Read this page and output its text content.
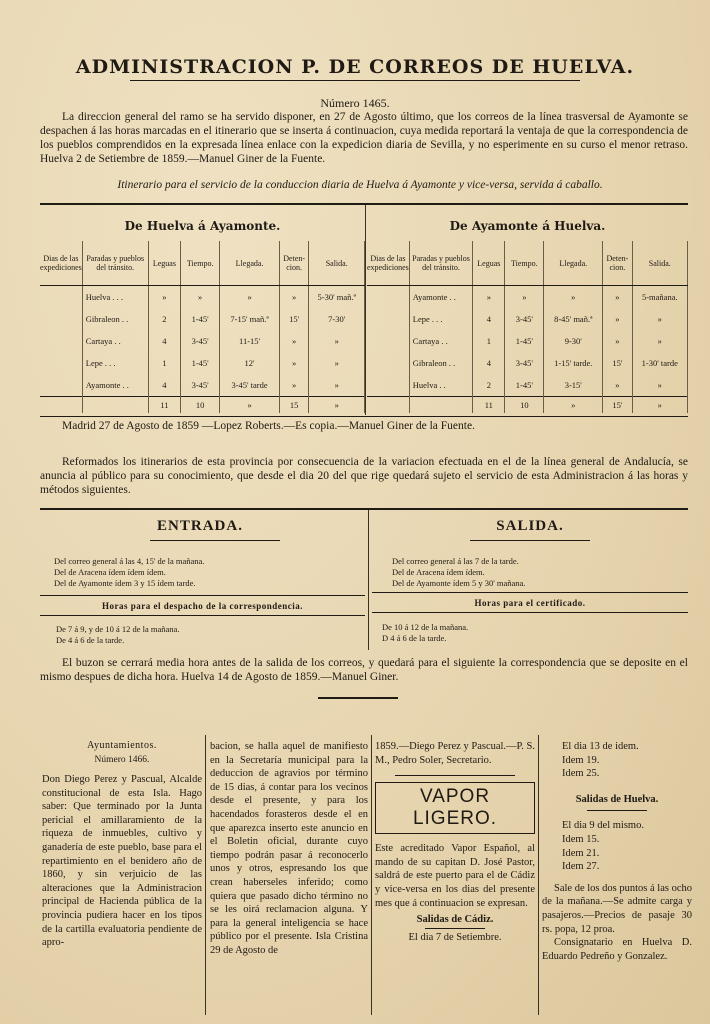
ADMINISTRACION P. DE CORREOS DE HUELVA.
Número 1465.

La direccion general del ramo se ha servido disponer, en 27 de Agosto último, que los correos de la línea trasversal de Ayamonte se despachen á las horas marcadas en el itinerario que se inserta á continuacion, cuya medida reportará la ventaja de que la correspondencia de los pueblos comprendidos en la expresada línea enlace con la expedicion diaria de Sevilla, y no esperimente en su curso el menor retraso. Huelva 2 de Setiembre de 1859.—Manuel Giner de la Fuente.

Itinerario para el servicio de la conduccion diaria de Huelva á Ayamonte y vice-versa, servida á caballo.
De Huelva á Ayamonte.	De Ayamonte á Huelva.
Dias de las expediciones	Paradas y pueblos del tránsito.	Leguas	Tiempo.	Llegada.	Deten-cion.	Salida.
	Huelva . . .	»	»	»	»	5-30' mañ.ª
	Gibraleon . .	2	1-45'	7-15' mañ.ª	15'	7-30'
	Cartaya . .	4	3-45'	11-15'	»	»
	Lepe . . .	1	1-45'	12'	»	»
	Ayamonte . .	4	3-45'	3-45' tarde	»	»
		11	10	»	15	»
Dias de las expediciones	Paradas y pueblos del tránsito.	Leguas	Tiempo.	Llegada.	Deten-cion.	Salida.
	Ayamonte . .	»	»	»	»	5-mañana.
	Lepe . . .	4	3-45'	8-45' mañ.ª	»	»
	Cartaya . .	1	1-45'	9-30'	»	»
	Gibraleon . .	4	3-45'	1-15' tarde.	15'	1-30' tarde
	Huelva . .	2	1-45'	3-15'	»	»
		11	10	»	15'	»
Madrid 27 de Agosto de 1859 —Lopez Roberts.—Es copia.—Manuel Giner de la Fuente.

Reformados los itinerarios de esta provincia por consecuencia de la variacion efectuada en el de la línea general de Andalucía, se anuncia al público para su conocimiento, que desde el dia 20 del que rige quedará sujeto el servicio de esta Administracion á las horas y métodos siguientes.

ENTRADA.
Del correo general á las 4, 15' de la mañana.
Del de Aracena ídem ídem ídem.
Del de Ayamonte ídem 3 y 15 ídem tarde.
Horas para el despacho de la correspondencia.
De 7 á 9, y de 10 á 12 de la mañana.
De 4 á 6 de la tarde.
SALIDA.
Del correo general á las 7 de la tarde.
Del de Aracena ídem ídem.
Del de Ayamonte ídem 5 y 30' mañana.
Horas para el certificado.
De 10 á 12 de la mañana.
D 4 á 6 de la tarde.

El buzon se cerrará media hora antes de la salida de los correos, y quedará para el siguiente la correspondencia que se deposite en el mismo despues de dicha hora. Huelva 14 de Agosto de 1859.—Manuel Giner.

Ayuntamientos.
Número 1466.
Don Diego Perez y Pascual, Alcalde constitucional de esta Isla. Hago saber: Que terminado por la Junta pericial el amillaramiento de la riqueza de inmuebles, cultivo y ganadería de este pueblo, base para el repartimiento en el benidero año de 1860, y sin verjuicio de las alteraciones que la Administracion principal de Hacienda pública de la provincia pudiera hacer en los tipos de la cartilla evaluatoria pendiente de apro-
bacion, se halla aquel de manifiesto en la Secretaría municipal para la deduccion de agravios por término de 15 dias, á contar para los vecinos desde el presente, y para los hacendados forasteros desde el en que aparezca inserto este anuncio en el Boletin oficial, durante cuyo tiempo podrán pasar á reconocerlo unos y otros, espresando los que crean haberseles inferido; como quiera que pasado dicho término no se les oirá reclamacion alguna. Y para la general inteligencia se hace público por el presente. Isla Cristina 29 de Agosto de
1859.—Diego Perez y Pascual.—P. S. M., Pedro Soler, Secretario.
VAPOR LIGERO.
Este acreditado Vapor Español, al mando de su capitan D. José Pastor, saldrá de este puerto para el de Cádiz y vice-versa en los dias del presente mes que á continuacion se expresan.
Salidas de Cádiz.
El dia 7 de Setiembre.
El dia 13 de idem.
Idem 19.
Idem 25.
Salidas de Huelva.
El dia 9 del mismo.
Idem 15.
Idem 21.
Idem 27.
Sale de los dos puntos á las ocho de la mañana.—Se admite carga y pasajeros.—Precios de pasaje 30 rs. popa, 12 proa.
Consignatario en Huelva D. Eduardo Pedreño y Gonzalez.
